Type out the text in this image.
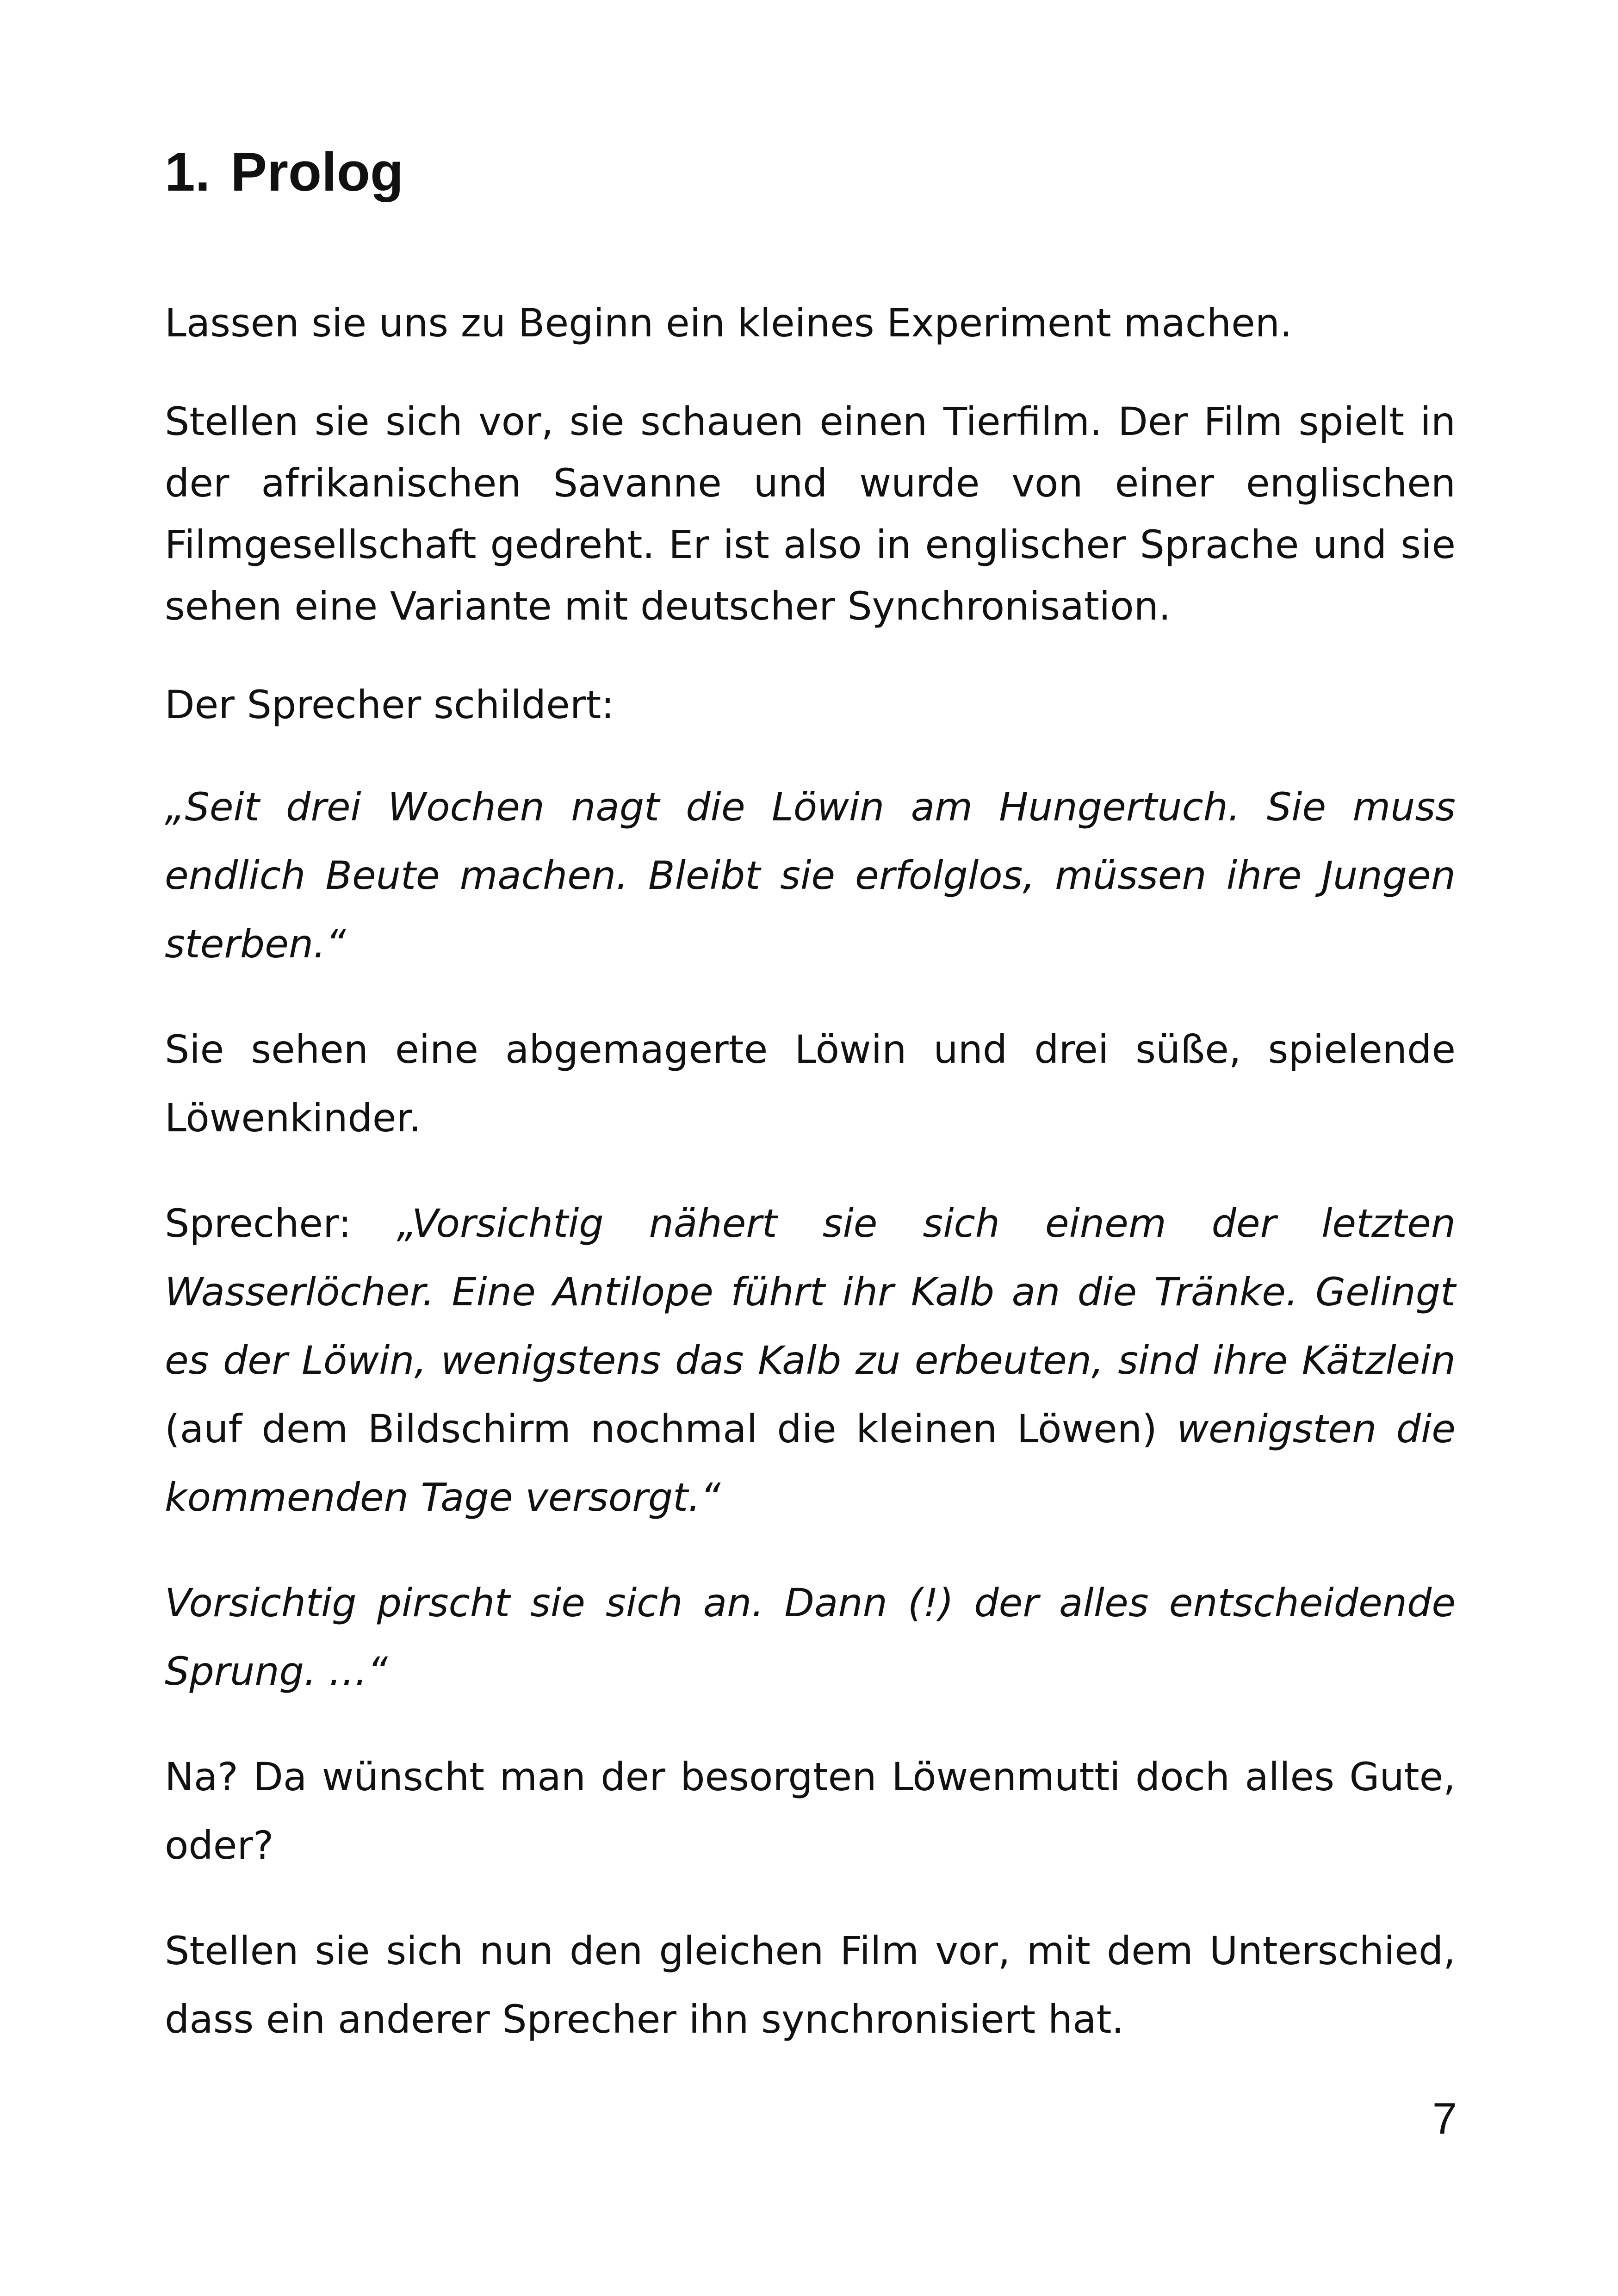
1. Prolog

Lassen sie uns zu Beginn ein kleines Experiment machen.

Stellen sie sich vor, sie schauen einen Tierfilm. Der Film spielt in der afrikanischen Savanne und wurde von einer englischen Filmgesellschaft gedreht. Er ist also in englischer Sprache und sie sehen eine Variante mit deutscher Synchronisation.

Der Sprecher schildert:

„Seit drei Wochen nagt die Löwin am Hungertuch. Sie muss endlich Beute machen. Bleibt sie erfolglos, müssen ihre Jungen sterben.“

Sie sehen eine abgemagerte Löwin und drei süße, spielende Löwenkinder.

Sprecher: „Vorsichtig nähert sie sich einem der letzten Wasserlöcher. Eine Antilope führt ihr Kalb an die Tränke. Gelingt es der Löwin, wenigstens das Kalb zu erbeuten, sind ihre Kätzlein (auf dem Bildschirm nochmal die kleinen Löwen) wenigsten die kommenden Tage versorgt.“

Vorsichtig pirscht sie sich an. Dann (!) der alles entscheidende Sprung. …“

Na? Da wünscht man der besorgten Löwenmutti doch alles Gute, oder?

Stellen sie sich nun den gleichen Film vor, mit dem Unterschied, dass ein anderer Sprecher ihn synchronisiert hat.

7
